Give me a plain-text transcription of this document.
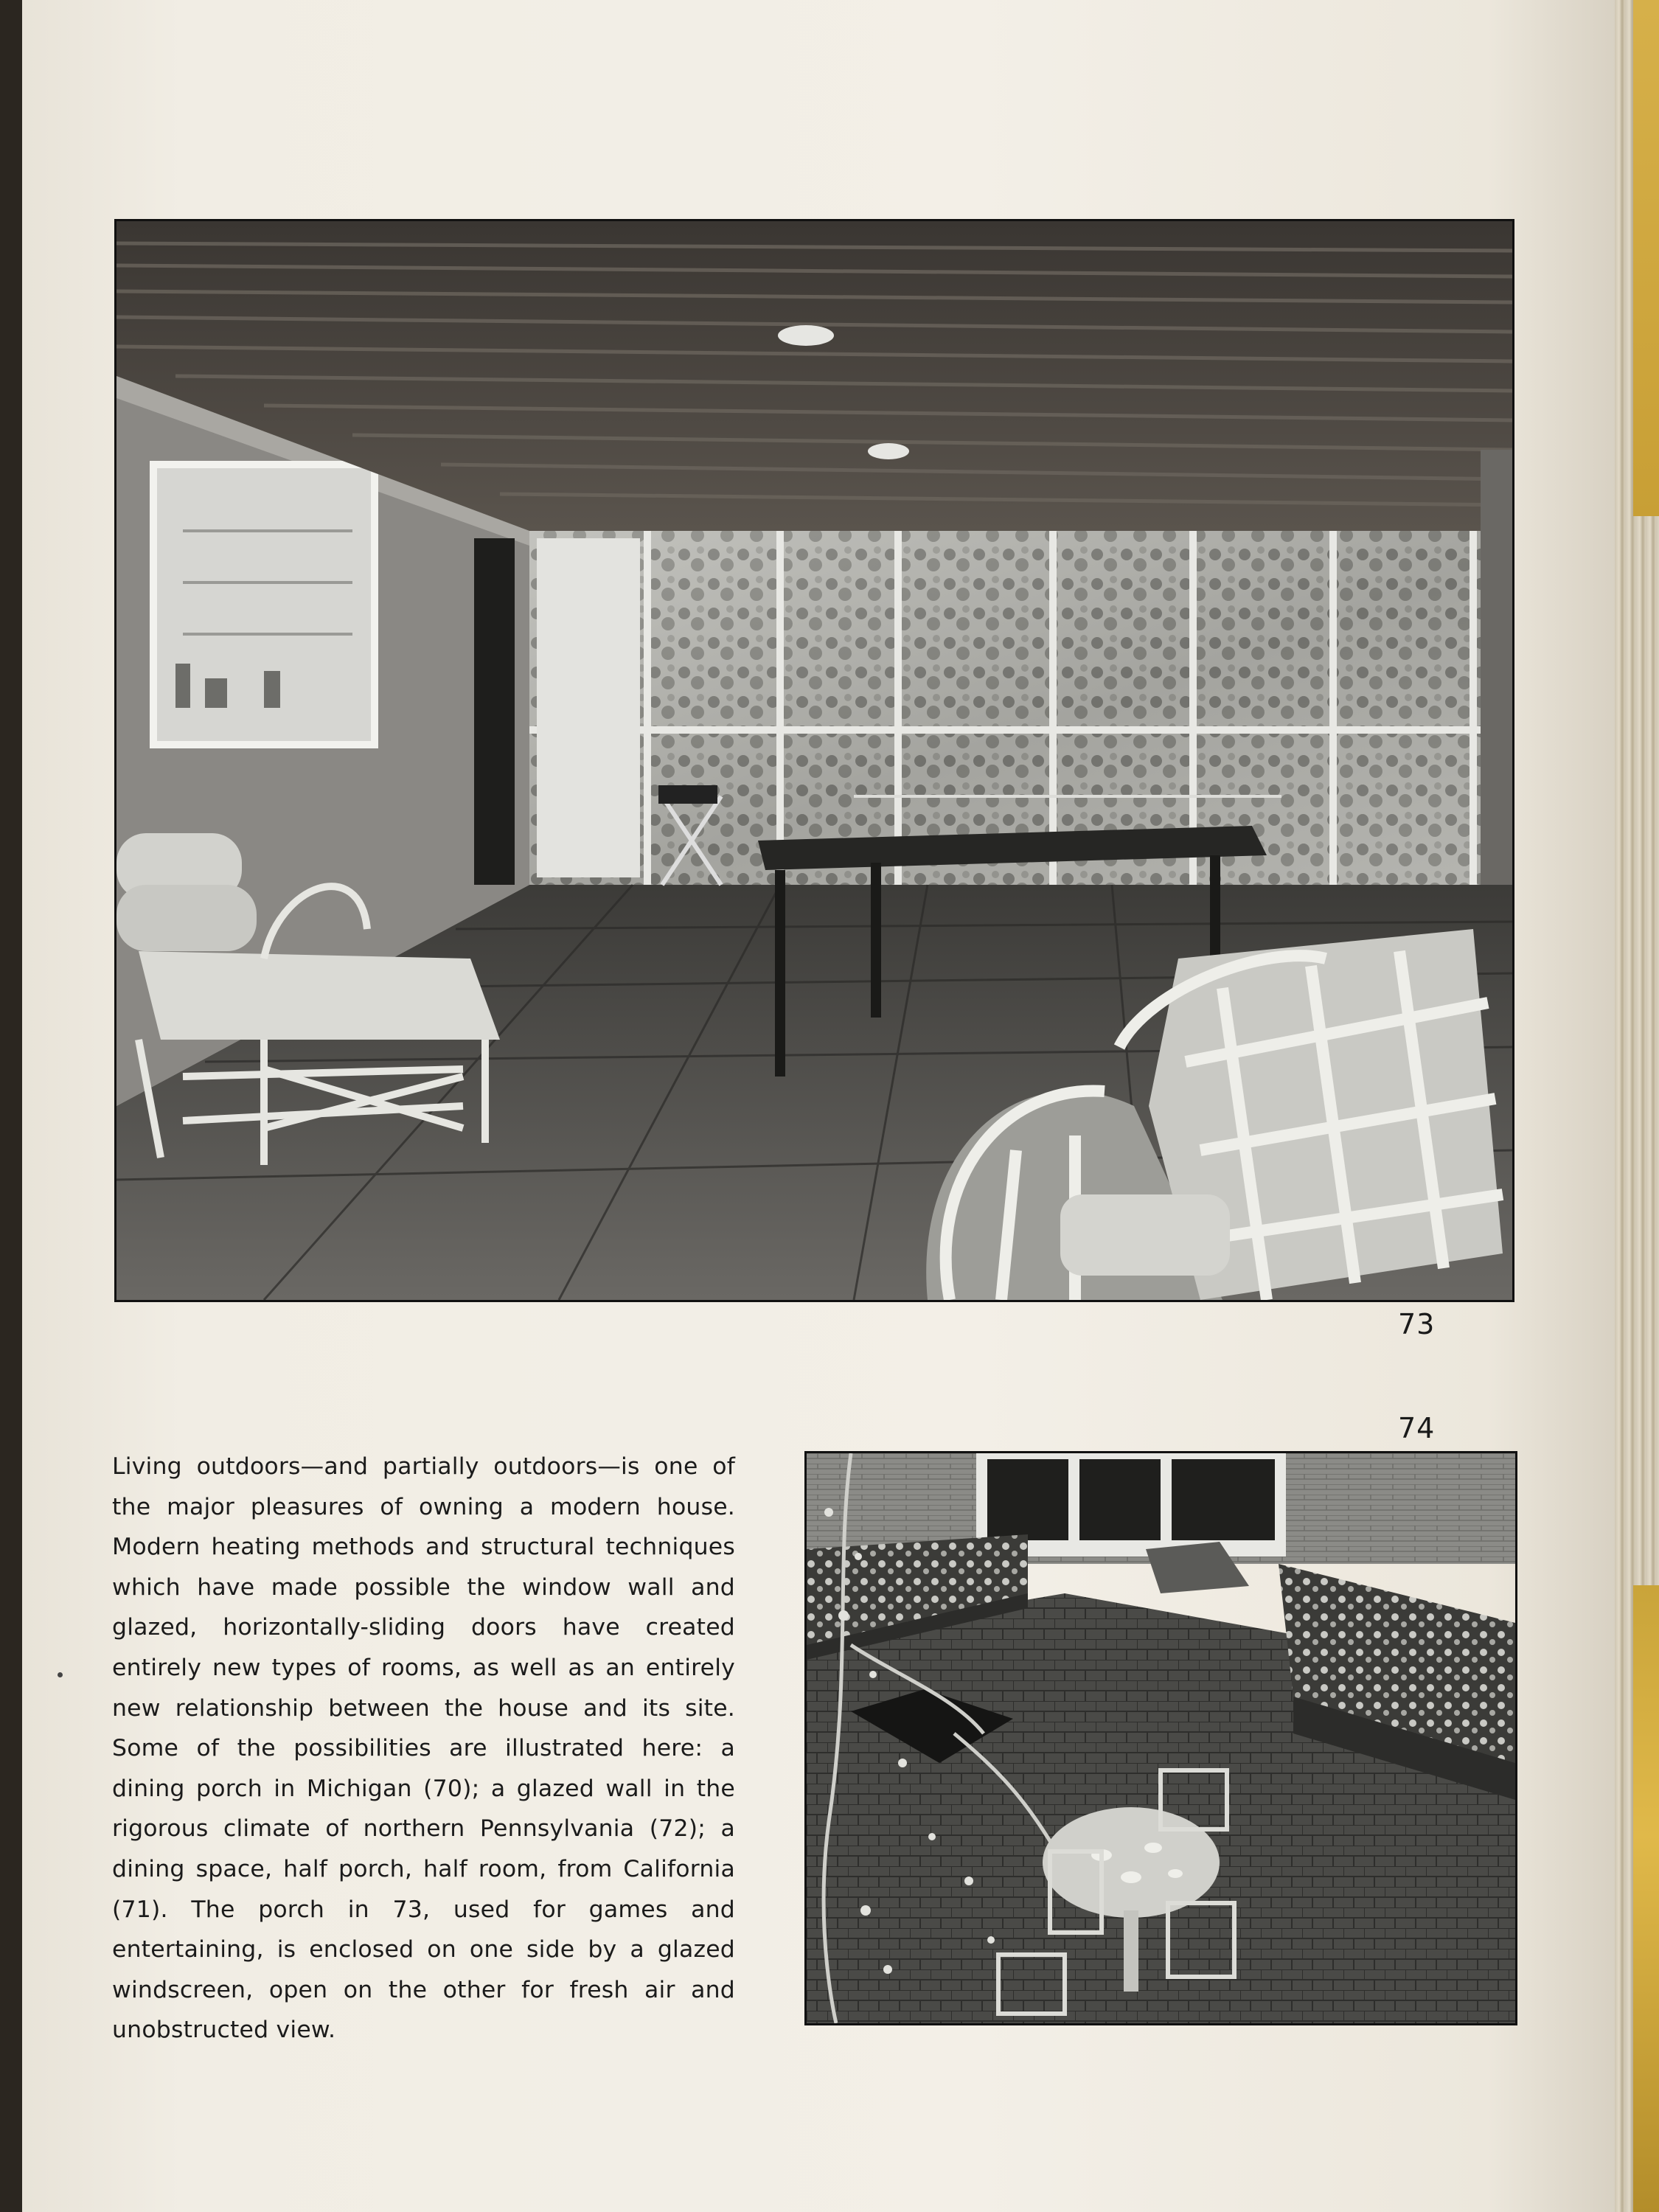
73
Living outdoors—and partially outdoors—is one of the major pleasures of owning a modern house. Modern heating methods and structural techniques which have made possible the window wall and glazed, horizontally-sliding doors have created entirely new types of rooms, as well as an entirely new relationship between the house and its site. Some of the possibilities are illustrated here: a dining porch in Michigan (70); a glazed wall in the rigorous climate of northern Pennsylvania (72); a dining space, half porch, half room, from California (71). The porch in 73, used for games and entertaining, is enclosed on one side by a glazed windscreen, open on the other for fresh air and unobstructed view.
74
